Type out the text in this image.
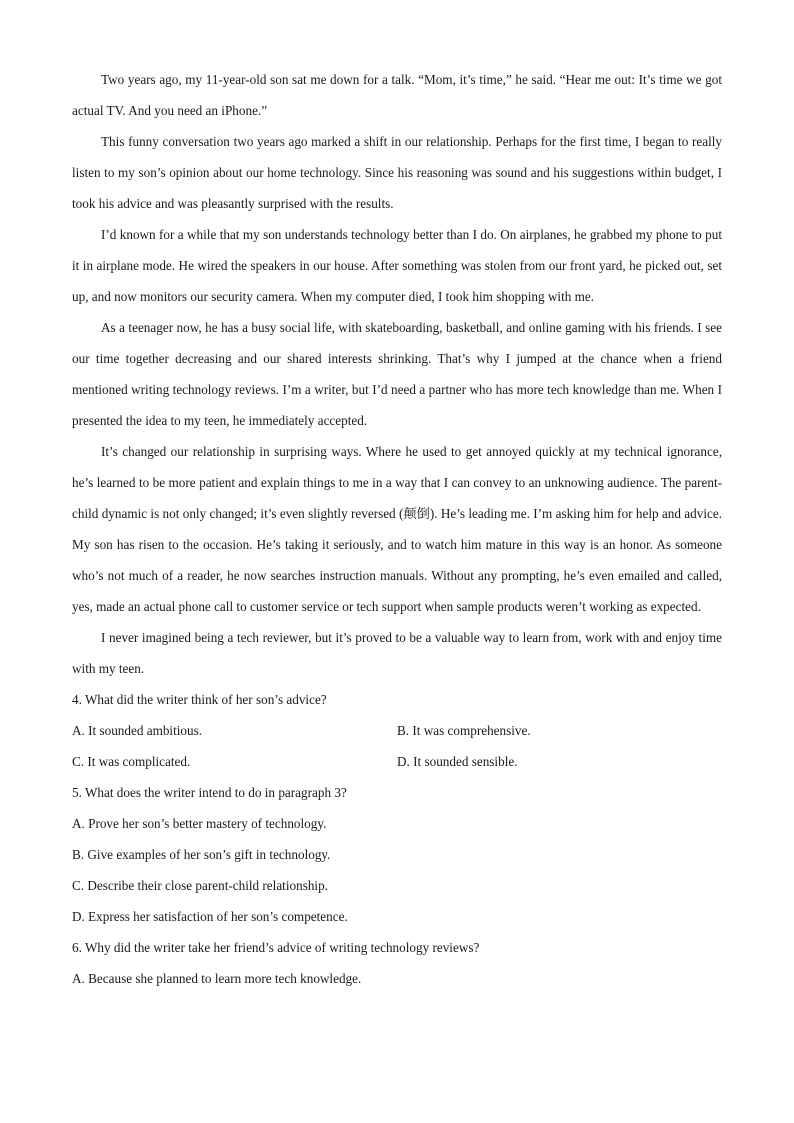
Two years ago, my 11-year-old son sat me down for a talk. “Mom, it’s time,” he said. “Hear me out: It’s time we got actual TV. And you need an iPhone.”

This funny conversation two years ago marked a shift in our relationship. Perhaps for the first time, I began to really listen to my son’s opinion about our home technology. Since his reasoning was sound and his suggestions within budget, I took his advice and was pleasantly surprised with the results.

I’d known for a while that my son understands technology better than I do. On airplanes, he grabbed my phone to put it in airplane mode. He wired the speakers in our house. After something was stolen from our front yard, he picked out, set up, and now monitors our security camera. When my computer died, I took him shopping with me.

As a teenager now, he has a busy social life, with skateboarding, basketball, and online gaming with his friends. I see our time together decreasing and our shared interests shrinking. That’s why I jumped at the chance when a friend mentioned writing technology reviews. I’m a writer, but I’d need a partner who has more tech knowledge than me. When I presented the idea to my teen, he immediately accepted.

It’s changed our relationship in surprising ways. Where he used to get annoyed quickly at my technical ignorance, he’s learned to be more patient and explain things to me in a way that I can convey to an unknowing audience. The parent-child dynamic is not only changed; it’s even slightly reversed (颠倒). He’s leading me. I’m asking him for help and advice. My son has risen to the occasion. He’s taking it seriously, and to watch him mature in this way is an honor. As someone who’s not much of a reader, he now searches instruction manuals. Without any prompting, he’s even emailed and called, yes, made an actual phone call to customer service or tech support when sample products weren’t working as expected.

I never imagined being a tech reviewer, but it’s proved to be a valuable way to learn from, work with and enjoy time with my teen.

4. What did the writer think of her son’s advice?

A. It sounded ambitious.	B. It was comprehensive.

C. It was complicated.	D. It sounded sensible.

5. What does the writer intend to do in paragraph 3?

A. Prove her son’s better mastery of technology.

B. Give examples of her son’s gift in technology.

C. Describe their close parent-child relationship.

D. Express her satisfaction of her son’s competence.

6. Why did the writer take her friend’s advice of writing technology reviews?

A. Because she planned to learn more tech knowledge.
